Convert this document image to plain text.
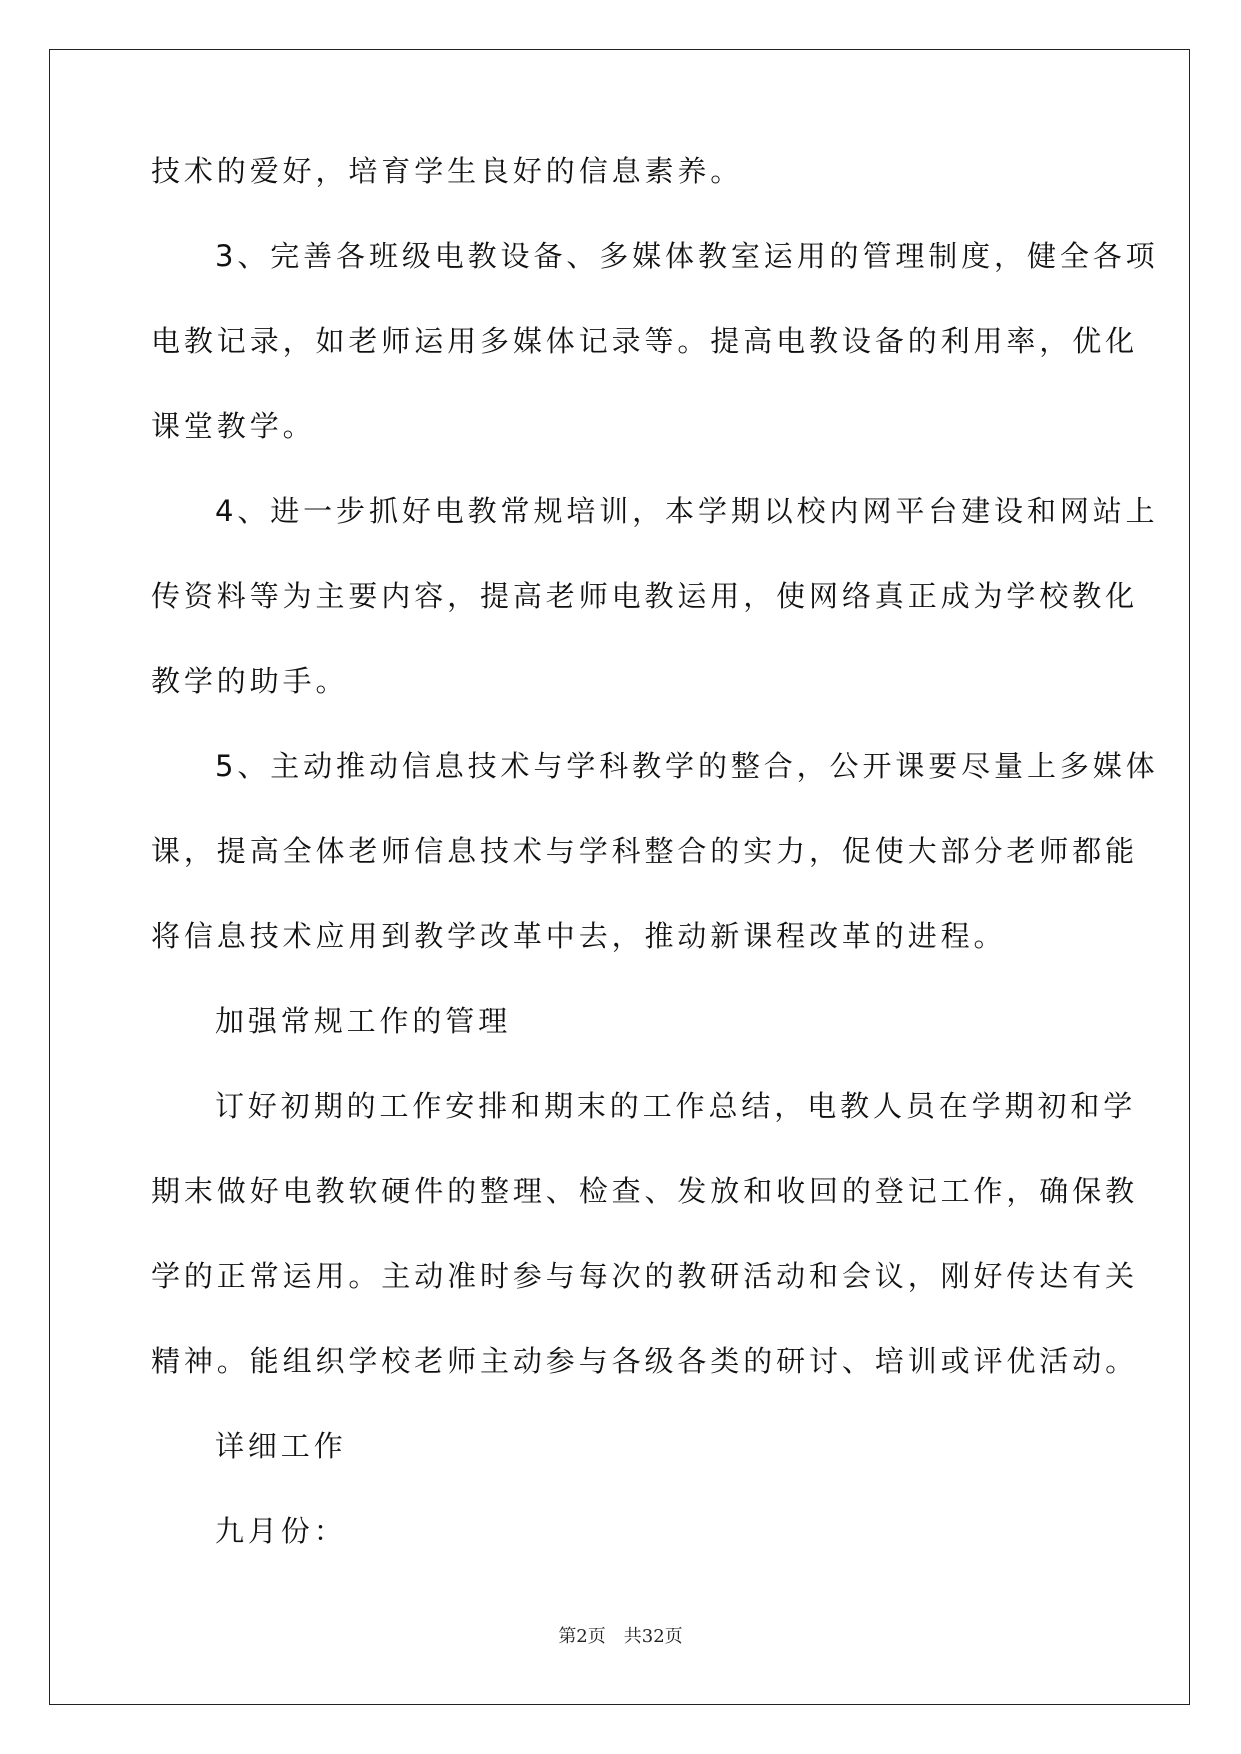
技术的爱好，培育学生良好的信息素养。
3、完善各班级电教设备、多媒体教室运用的管理制度，健全各项
电教记录，如老师运用多媒体记录等。提高电教设备的利用率，优化
课堂教学。
4、进一步抓好电教常规培训，本学期以校内网平台建设和网站上
传资料等为主要内容，提高老师电教运用，使网络真正成为学校教化
教学的助手。
5、主动推动信息技术与学科教学的整合，公开课要尽量上多媒体
课，提高全体老师信息技术与学科整合的实力，促使大部分老师都能
将信息技术应用到教学改革中去，推动新课程改革的进程。
加强常规工作的管理
订好初期的工作安排和期末的工作总结，电教人员在学期初和学
期末做好电教软硬件的整理、检查、发放和收回的登记工作，确保教
学的正常运用。主动准时参与每次的教研活动和会议，刚好传达有关
精神。能组织学校老师主动参与各级各类的研讨、培训或评优活动。
详细工作
九月份：
第2页　共32页
